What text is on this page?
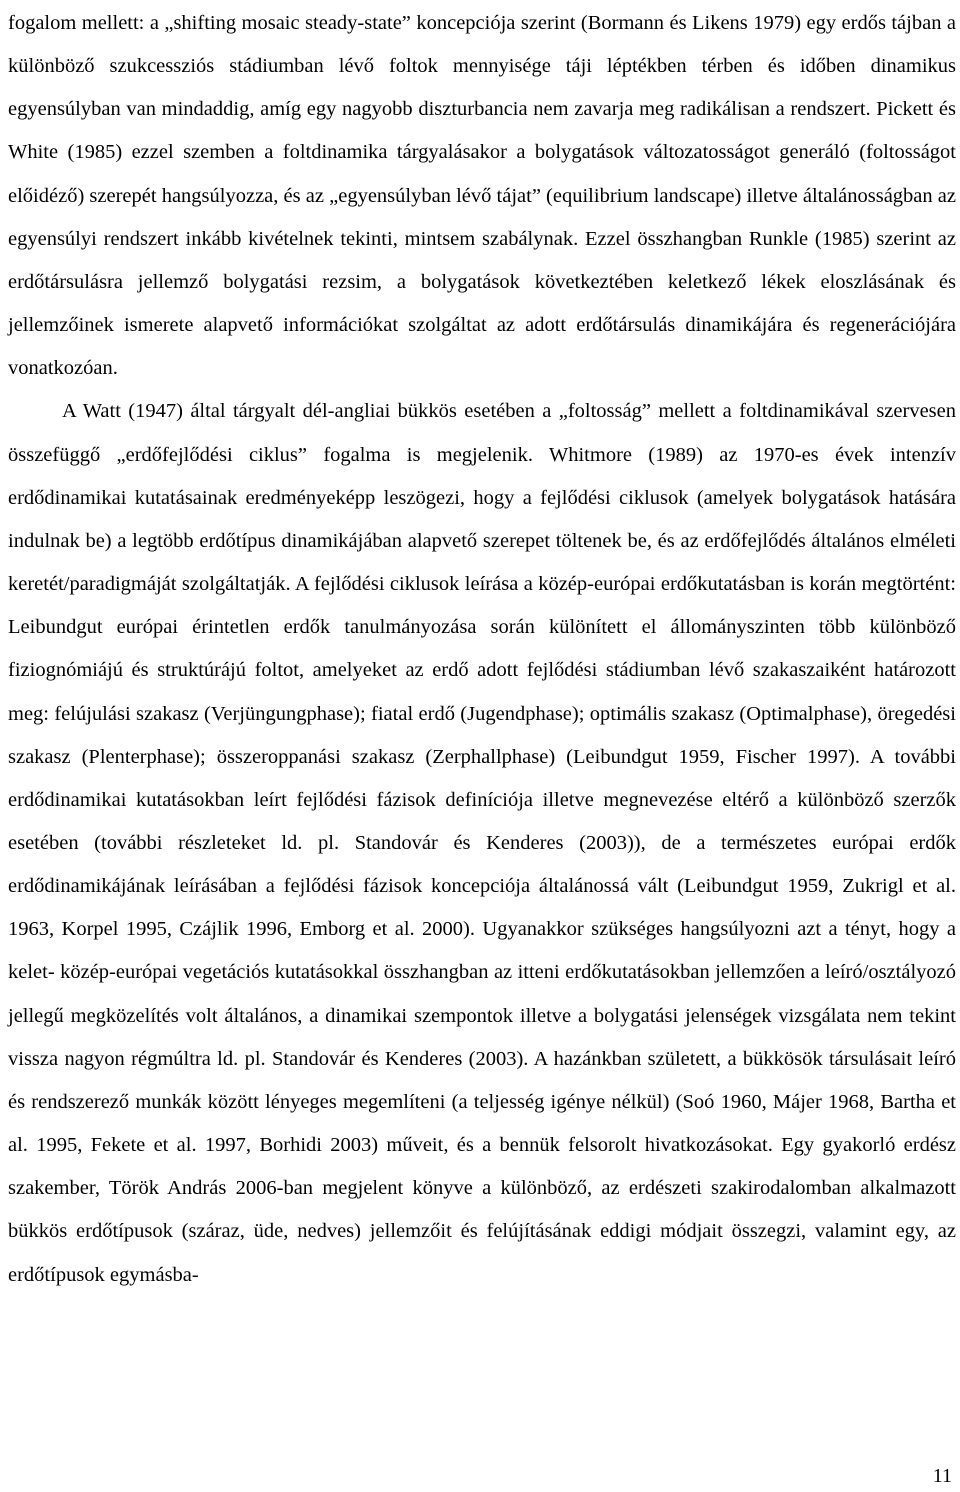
fogalom mellett: a „shifting mosaic steady-state” koncepciója szerint (Bormann és Likens 1979) egy erdős tájban a különböző szukcessziós stádiumban lévő foltok mennyisége táji léptékben térben és időben dinamikus egyensúlyban van mindaddig, amíg egy nagyobb diszturbancia nem zavarja meg radikálisan a rendszert. Pickett és White (1985) ezzel szemben a foltdinamika tárgyalásakor a bolygatások változatosságot generáló (foltosságot előidéző) szerepét hangsúlyozza, és az „egyensúlyban lévő tájat” (equilibrium landscape) illetve általánosságban az egyensúlyi rendszert inkább kivételnek tekinti, mintsem szabálynak. Ezzel összhangban Runkle (1985) szerint az erdőtársulásra jellemző bolygatási rezsim, a bolygatások következtében keletkező lékek eloszlásának és jellemzőinek ismerete alapvető információkat szolgáltat az adott erdőtársulás dinamikájára és regenerációjára vonatkozóan.

A Watt (1947) által tárgyalt dél-angliai bükkös esetében a „foltosság” mellett a foltdinamikával szervesen összefüggő „erdőfejlődési ciklus” fogalma is megjelenik. Whitmore (1989) az 1970-es évek intenzív erdődinamikai kutatásainak eredményeképp leszögezi, hogy a fejlődési ciklusok (amelyek bolygatások hatására indulnak be) a legtöbb erdőtípus dinamikájában alapvető szerepet töltenek be, és az erdőfejlődés általános elméleti keretét/paradigmáját szolgáltatják. A fejlődési ciklusok leírása a közép-európai erdőkutatásban is korán megtörtént: Leibundgut európai érintetlen erdők tanulmányozása során különített el állományszinten több különböző fiziognómiájú és struktúrájú foltot, amelyeket az erdő adott fejlődési stádiumban lévő szakaszaiként határozott meg: felújulási szakasz (Verjüngungphase); fiatal erdő (Jugendphase); optimális szakasz (Optimalphase), öregedési szakasz (Plenterphase); összeroppanási szakasz (Zerphallphase) (Leibundgut 1959, Fischer 1997). A további erdődinamikai kutatásokban leírt fejlődési fázisok definíciója illetve megnevezése eltérő a különböző szerzők esetében (további részleteket ld. pl. Standovár és Kenderes (2003)), de a természetes európai erdők erdődinamikájának leírásában a fejlődési fázisok koncepciója általánossá vált (Leibundgut 1959, Zukrigl et al. 1963, Korpel 1995, Czájlik 1996, Emborg et al. 2000). Ugyanakkor szükséges hangsúlyozni azt a tényt, hogy a kelet- közép-európai vegetációs kutatásokkal összhangban az itteni erdőkutatásokban jellemzően a leíró/osztályozó jellegű megközelítés volt általános, a dinamikai szempontok illetve a bolygatási jelenségek vizsgálata nem tekint vissza nagyon régmúltra ld. pl. Standovár és Kenderes (2003). A hazánkban született, a bükkösök társulásait leíró és rendszerező munkák között lényeges megemlíteni (a teljesség igénye nélkül) (Soó 1960, Májer 1968, Bartha et al. 1995, Fekete et al. 1997, Borhidi 2003) műveit, és a bennük felsorolt hivatkozásokat. Egy gyakorló erdész szakember, Török András 2006-ban megjelent könyve a különböző, az erdészeti szakirodalomban alkalmazott bükkös erdőtípusok (száraz, üde, nedves) jellemzőit és felújításának eddigi módjait összegzi, valamint egy, az erdőtípusok egymásba-

11
